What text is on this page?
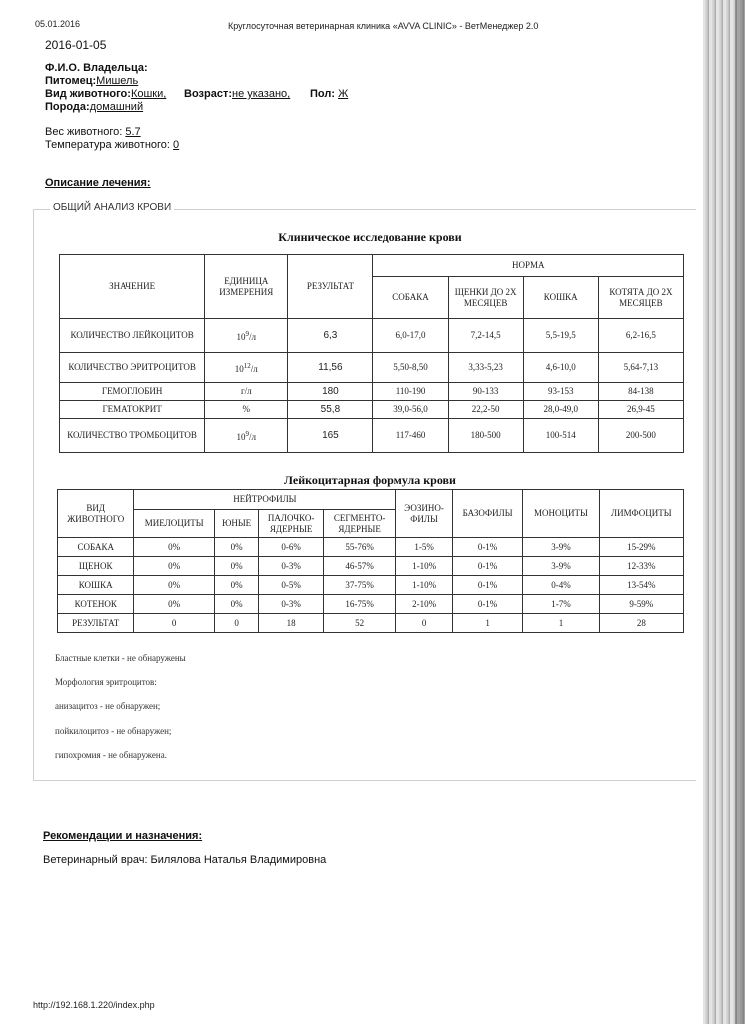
05.01.2016	Круглосуточная ветеринарная клиника «AVVA CLINIC» - ВетМенеджер 2.0
2016-01-05
Ф.И.О. Владельца:
Питомец:Мишель
Вид животного:Кошки, Возраст:не указано, Пол: Ж
Порода:домашний
Вес животного: 5.7
Температура животного: 0
Описание лечения:
ОБЩИЙ АНАЛИЗ КРОВИ
Клиническое исследование крови
ЗНАЧЕНИЕ	ЕДИНИЦА ИЗМЕРЕНИЯ	РЕЗУЛЬТАТ	НОРМА			
			СОБАКА	ЩЕНКИ ДО 2Х МЕСЯЦЕВ	КОШКА	КОТЯТА ДО 2Х МЕСЯЦЕВ
КОЛИЧЕСТВО ЛЕЙКОЦИТОВ	$10^9/л$	6,3	6,0-17,0	7,2-14,5	5,5-19,5	6,2-16,5
КОЛИЧЕСТВО ЭРИТРОЦИТОВ	$10^{12}/л$	11,56	5,50-8,50	3,33-5,23	4,6-10,0	5,64-7,13
ГЕМОГЛОБИН	г/л	180	110-190	90-133	93-153	84-138
ГЕМАТОКРИТ	%	55,8	39,0-56,0	22,2-50	28,0-49,0	26,9-45
КОЛИЧЕСТВО ТРОМБОЦИТОВ	$10^9/л$	165	117-460	180-500	100-514	200-500
Лейкоцитарная формула крови
ВИД ЖИВОТНОГО	НЕЙТРОФИЛЫ				ЭОЗИНО-ФИЛЫ	БАЗОФИЛЫ	МОНОЦИТЫ	ЛИМФОЦИТЫ
	МИЕЛОЦИТЫ	ЮНЫЕ	ПАЛОЧКО-ЯДЕРНЫЕ	СЕГМЕНТО-ЯДЕРНЫЕ				
СОБАКА	0%	0%	0-6%	55-76%	1-5%	0-1%	3-9%	15-29%
ЩЕНОК	0%	0%	0-3%	46-57%	1-10%	0-1%	3-9%	12-33%
КОШКА	0%	0%	0-5%	37-75%	1-10%	0-1%	0-4%	13-54%
КОТЕНОК	0%	0%	0-3%	16-75%	2-10%	0-1%	1-7%	9-59%
РЕЗУЛЬТАТ	0	0	18	52	0	1	1	28
Бластные клетки - не обнаружены
Морфология эритроцитов:
анизацитоз - не обнаружен;
пойкилоцитоз - не обнаружен;
гипохромия - не обнаружена.
Рекомендации и назначения:
Ветеринарный врач: Билялова Наталья Владимировна
http://192.168.1.220/index.php
